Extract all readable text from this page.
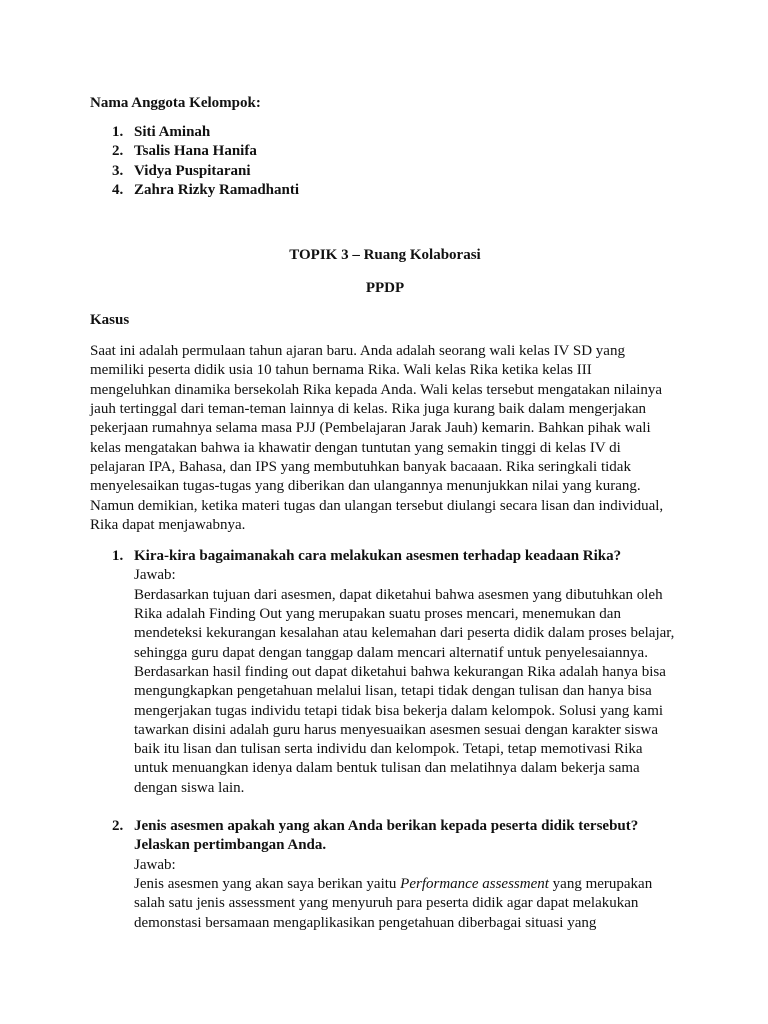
Nama Anggota Kelompok:

1. Siti Aminah
2. Tsalis Hana Hanifa
3. Vidya Puspitarani
4. Zahra Rizky Ramadhanti

TOPIK 3 – Ruang Kolaborasi

PPDP

Kasus

Saat ini adalah permulaan tahun ajaran baru. Anda adalah seorang wali kelas IV SD yang memiliki peserta didik usia 10 tahun bernama Rika. Wali kelas Rika ketika kelas III mengeluhkan dinamika bersekolah Rika kepada Anda. Wali kelas tersebut mengatakan nilainya jauh tertinggal dari teman-teman lainnya di kelas. Rika juga kurang baik dalam mengerjakan pekerjaan rumahnya selama masa PJJ (Pembelajaran Jarak Jauh) kemarin. Bahkan pihak wali kelas mengatakan bahwa ia khawatir dengan tuntutan yang semakin tinggi di kelas IV di pelajaran IPA, Bahasa, dan IPS yang membutuhkan banyak bacaaan. Rika seringkali tidak menyelesaikan tugas-tugas yang diberikan dan ulangannya menunjukkan nilai yang kurang. Namun demikian, ketika materi tugas dan ulangan tersebut diulangi secara lisan dan individual, Rika dapat menjawabnya.

1. Kira-kira bagaimanakah cara melakukan asesmen terhadap keadaan Rika?
Jawab:
Berdasarkan tujuan dari asesmen, dapat diketahui bahwa asesmen yang dibutuhkan oleh Rika adalah Finding Out yang merupakan suatu proses mencari, menemukan dan mendeteksi kekurangan kesalahan atau kelemahan dari peserta didik dalam proses belajar, sehingga guru dapat dengan tanggap dalam mencari alternatif untuk penyelesaiannya. Berdasarkan hasil finding out dapat diketahui bahwa kekurangan Rika adalah hanya bisa mengungkapkan pengetahuan melalui lisan, tetapi tidak dengan tulisan dan hanya bisa mengerjakan tugas individu tetapi tidak bisa bekerja dalam kelompok. Solusi yang kami tawarkan disini adalah guru harus menyesuaikan asesmen sesuai dengan karakter siswa baik itu lisan dan tulisan serta individu dan kelompok. Tetapi, tetap memotivasi Rika untuk menuangkan idenya dalam bentuk tulisan dan melatihnya dalam bekerja sama dengan siswa lain.
2. Jenis asesmen apakah yang akan Anda berikan kepada peserta didik tersebut? Jelaskan pertimbangan Anda.
Jawab:
Jenis asesmen yang akan saya berikan yaitu Performance assessment yang merupakan salah satu jenis assessment yang menyuruh para peserta didik agar dapat melakukan demonstasi bersamaan mengaplikasikan pengetahuan diberbagai situasi yang
